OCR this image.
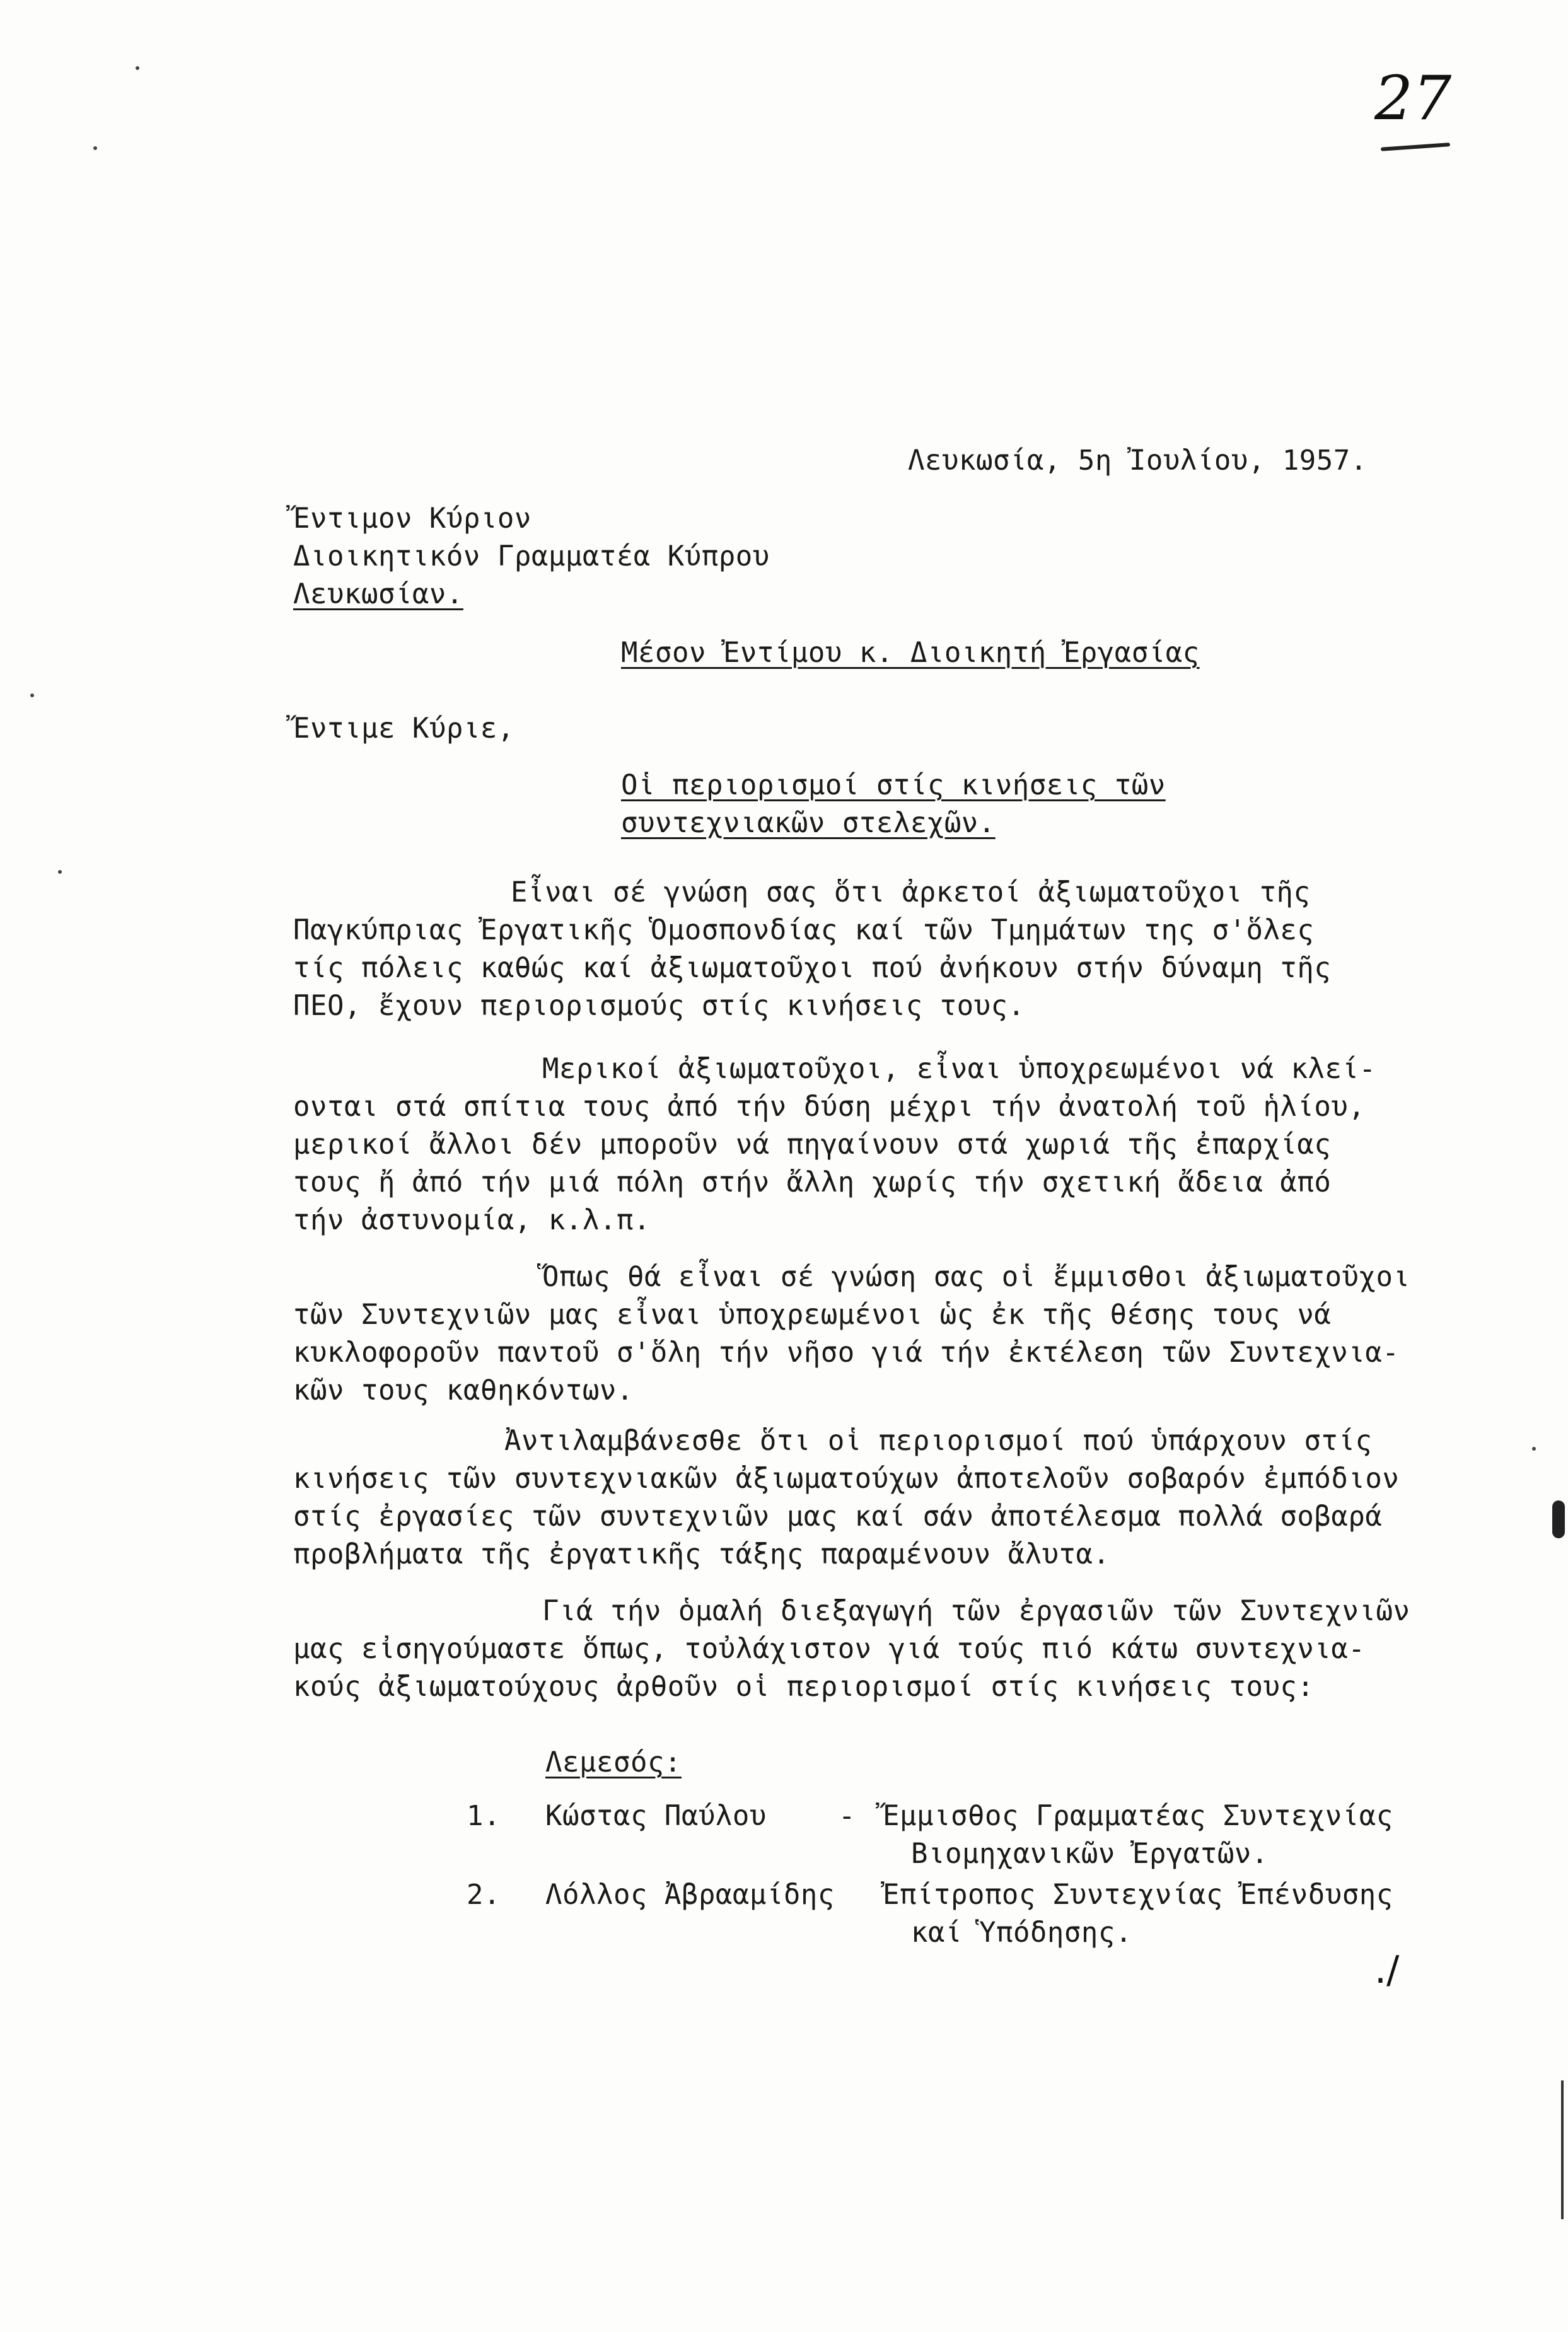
27
Λευκωσία, 5η Ἰουλίου, 1957.
Ἔντιμον Κύριον
Διοικητικόν Γραμματέα Κύπρου
Λευκωσίαν.
Μέσον Ἐντίμου κ. Διοικητή Ἐργασίας
Ἔντιμε Κύριε,
Οἱ περιορισμοί στίς κινήσεις τῶν
συντεχνιακῶν στελεχῶν.
Εἶναι σέ γνώση σας ὅτι ἀρκετοί ἀξιωματοῦχοι τῆς
Παγκύπριας Ἐργατικῆς Ὁμοσπονδίας καί τῶν Τμημάτων της σ'ὅλες
τίς πόλεις καθώς καί ἀξιωματοῦχοι πού ἀνήκουν στήν δύναμη τῆς
ΠΕΟ, ἔχουν περιορισμούς στίς κινήσεις τους.
Μερικοί ἀξιωματοῦχοι, εἶναι ὑποχρεωμένοι νά κλεί-
ονται στά σπίτια τους ἀπό τήν δύση μέχρι τήν ἀνατολή τοῦ ἡλίου,
μερικοί ἄλλοι δέν μποροῦν νά πηγαίνουν στά χωριά τῆς ἐπαρχίας
τους ἤ ἀπό τήν μιά πόλη στήν ἄλλη χωρίς τήν σχετική ἄδεια ἀπό
τήν ἀστυνομία, κ.λ.π.
Ὅπως θά εἶναι σέ γνώση σας οἱ ἔμμισθοι ἀξιωματοῦχοι
τῶν Συντεχνιῶν μας εἶναι ὑποχρεωμένοι ὡς ἐκ τῆς θέσης τους νά
κυκλοφοροῦν παντοῦ σ'ὅλη τήν νῆσο γιά τήν ἐκτέλεση τῶν Συντεχνια-
κῶν τους καθηκόντων.
Ἀντιλαμβάνεσθε ὅτι οἱ περιορισμοί πού ὑπάρχουν στίς
κινήσεις τῶν συντεχνιακῶν ἀξιωματούχων ἀποτελοῦν σοβαρόν ἐμπόδιον
στίς ἐργασίες τῶν συντεχνιῶν μας καί σάν ἀποτέλεσμα πολλά σοβαρά
προβλήματα τῆς ἐργατικῆς τάξης παραμένουν ἄλυτα.
Γιά τήν ὁμαλή διεξαγωγή τῶν ἐργασιῶν τῶν Συντεχνιῶν
μας εἰσηγούμαστε ὅπως, τοὐλάχιστον γιά τούς πιό κάτω συντεχνια-
κούς ἀξιωματούχους ἀρθοῦν οἱ περιορισμοί στίς κινήσεις τους:
Λεμεσός:
1. Κώστας Παύλου	- Ἔμμισθος Γραμματέας Συντεχνίας
Βιομηχανικῶν Ἐργατῶν.
2. Λόλλος Ἀβρααμίδης Ἐπίτροπος Συντεχνίας Ἐπένδυσης
καί Ὑπόδησης.
./
